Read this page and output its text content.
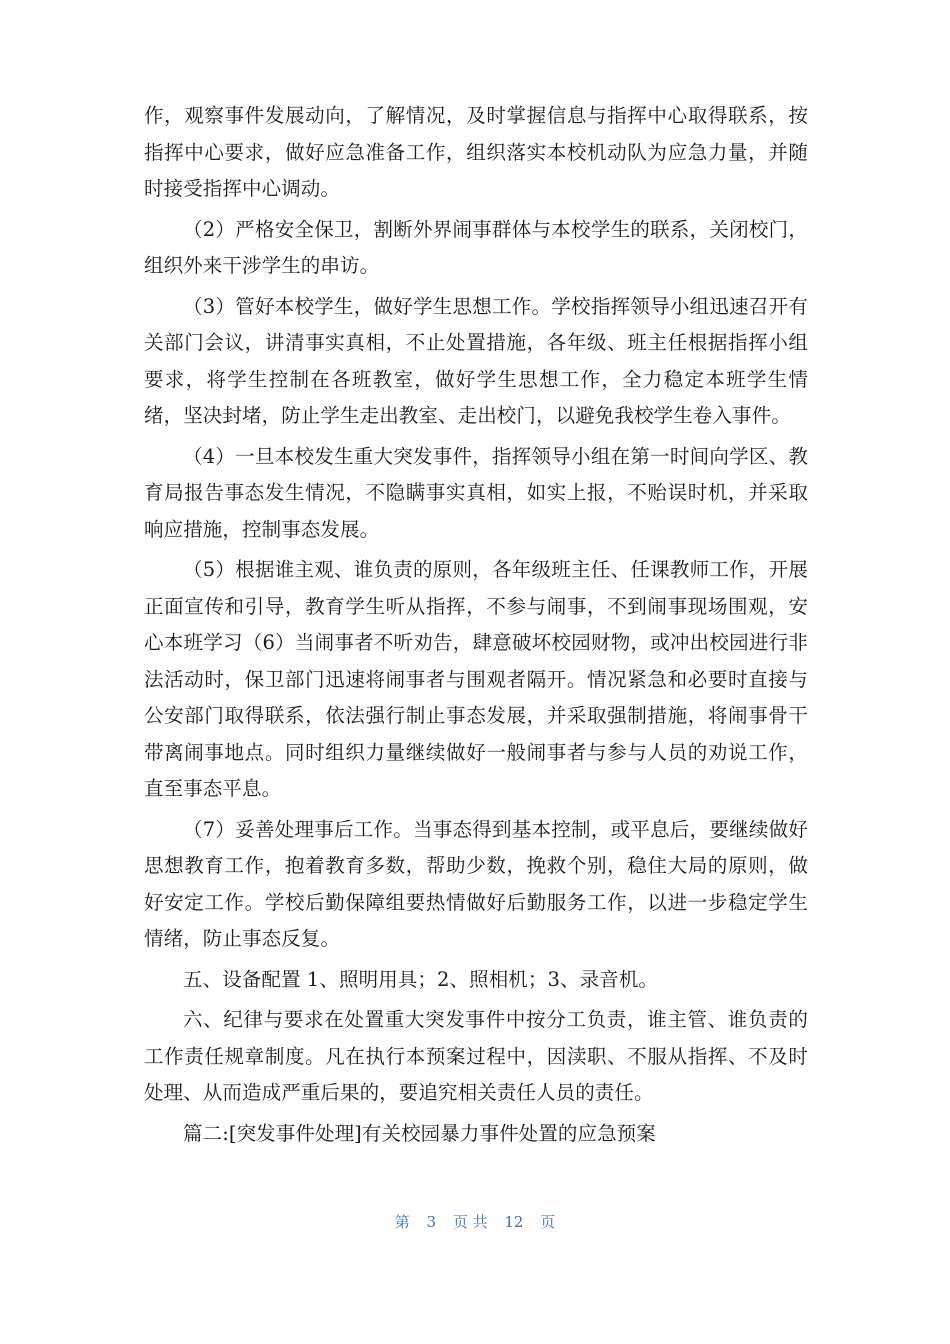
作，观察事件发展动向，了解情况，及时掌握信息与指挥中心取得联系，按指挥中心要求，做好应急准备工作，组织落实本校机动队为应急力量，并随时接受指挥中心调动。

（2）严格安全保卫，割断外界闹事群体与本校学生的联系，关闭校门，组织外来干涉学生的串访。

（3）管好本校学生，做好学生思想工作。学校指挥领导小组迅速召开有关部门会议，讲清事实真相，不止处置措施，各年级、班主任根据指挥小组要求，将学生控制在各班教室，做好学生思想工作，全力稳定本班学生情绪，坚决封堵，防止学生走出教室、走出校门，以避免我校学生卷入事件。

（4）一旦本校发生重大突发事件，指挥领导小组在第一时间向学区、教育局报告事态发生情况，不隐瞒事实真相，如实上报，不贻误时机，并采取响应措施，控制事态发展。

（5）根据谁主观、谁负责的原则，各年级班主任、任课教师工作，开展正面宣传和引导，教育学生听从指挥，不参与闹事，不到闹事现场围观，安心本班学习（6）当闹事者不听劝告，肆意破坏校园财物，或冲出校园进行非法活动时，保卫部门迅速将闹事者与围观者隔开。情况紧急和必要时直接与公安部门取得联系，依法强行制止事态发展，并采取强制措施，将闹事骨干带离闹事地点。同时组织力量继续做好一般闹事者与参与人员的劝说工作，直至事态平息。

（7）妥善处理事后工作。当事态得到基本控制，或平息后，要继续做好思想教育工作，抱着教育多数，帮助少数，挽救个别，稳住大局的原则，做好安定工作。学校后勤保障组要热情做好后勤服务工作，以进一步稳定学生情绪，防止事态反复。

五、设备配置 1、照明用具；2、照相机；3、录音机。

六、纪律与要求在处置重大突发事件中按分工负责，谁主管、谁负责的工作责任规章制度。凡在执行本预案过程中，因渎职、不服从指挥、不及时处理、从而造成严重后果的，要追究相关责任人员的责任。

篇二:[突发事件处理]有关校园暴力事件处置的应急预案

第 3 页 共 12 页
